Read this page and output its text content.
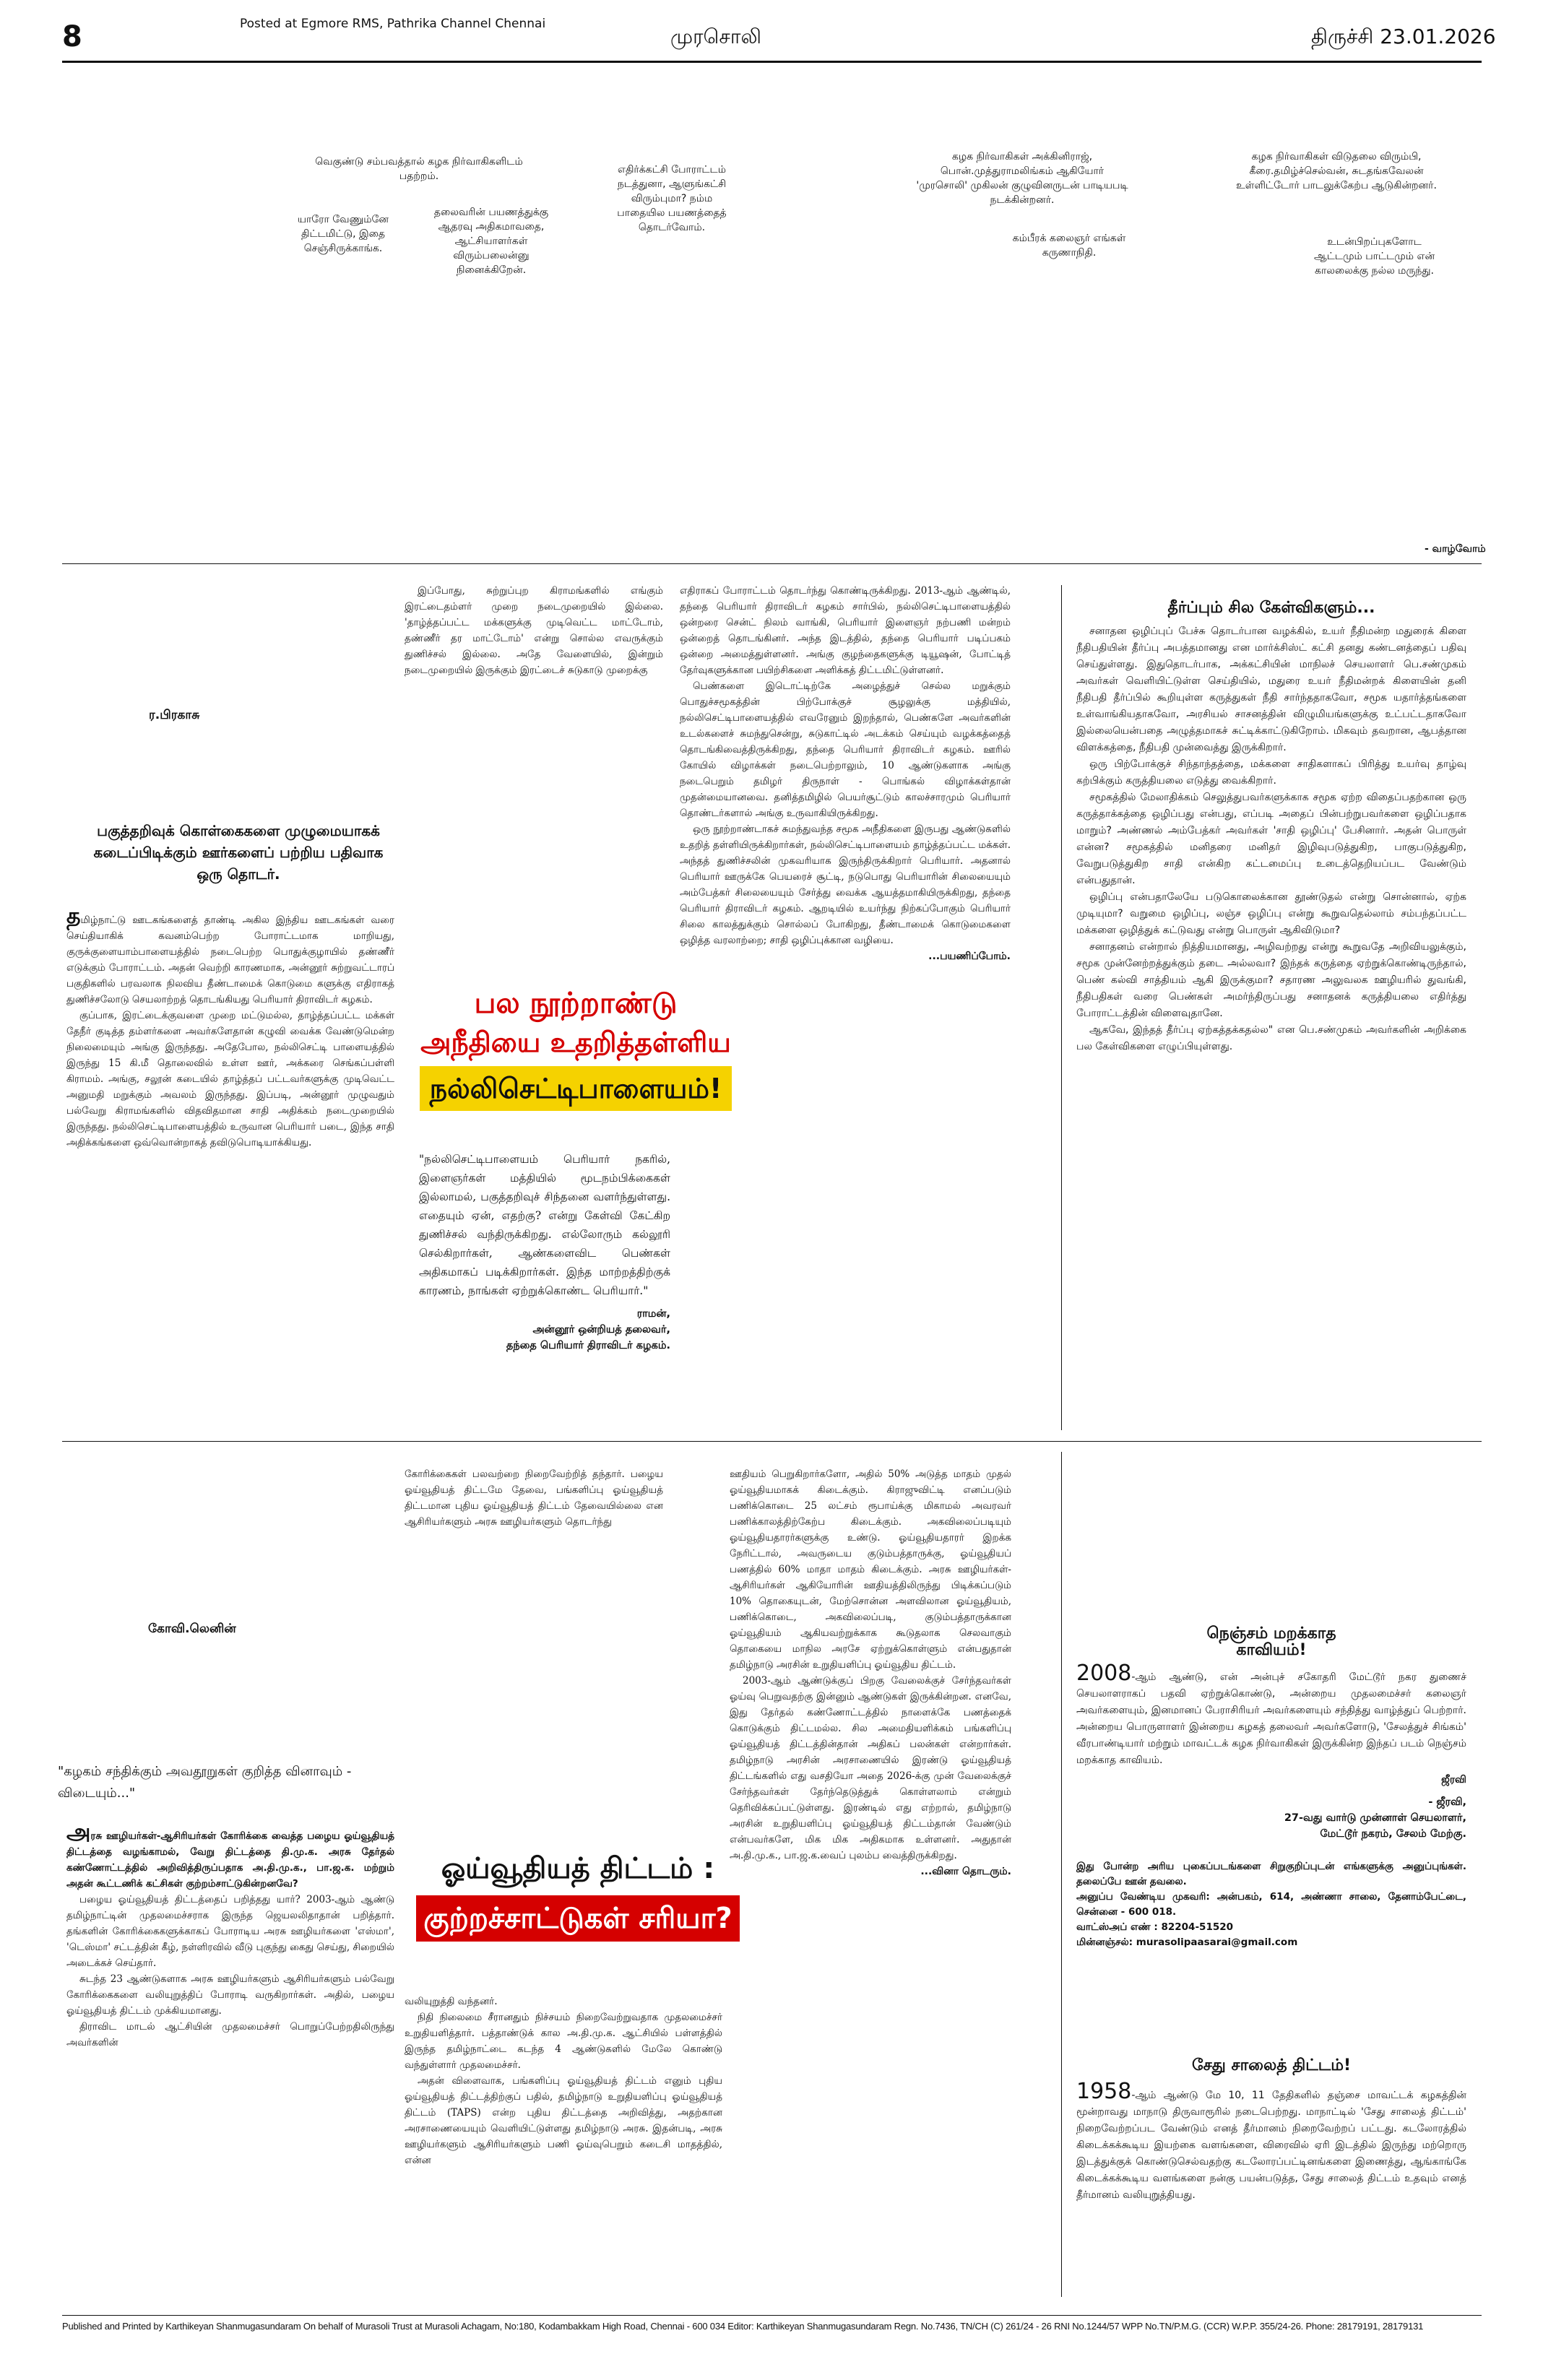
8	Posted at Egmore RMS, Pathrika Channel Chennai
முரசொலி	திருச்சி 23.01.2026
வெகுண்டு சம்பவத்தால் கழக நிர்வாகிகளிடம் பதற்றம்.
யாரோ வேணும்னே திட்டமிட்டு, இதை செஞ்சிருக்காங்க.
தலைவரின் பயணத்துக்கு ஆதரவு அதிகமாவதை, ஆட்சியாளர்கள் விரும்பலைன்னு நினைக்கிறேன்.
எதிர்க்கட்சி போராட்டம் நடத்துனா, ஆளுங்கட்சி விரும்புமா? நம்ம பாதையில பயணத்தைத் தொடர்வோம்.
கழக நிர்வாகிகள் அக்கினிராஜ், பொன்.முத்துராமலிங்கம் ஆகியோர் 'முரசொலி' முகிலன் குழுவினருடன் பாடியபடி நடக்கின்றனர்.
கம்பீரக் கலைஞர் எங்கள் கருணாநிதி.
கழக நிர்வாகிகள் விடுதலை விரும்பி, கீரை.தமிழ்ச்செல்வன், சுடதங்கவேலன் உள்ளிட்டோர் பாடலுக்கேற்ப ஆடுகின்றனர்.
உடன்பிறப்புகளோட ஆட்டமும் பாட்டமும் என் காலலைக்கு நல்ல மருந்து.
- வாழ்வோம்
ர.பிரகாசு
பகுத்தறிவுக் கொள்கைகளை முழுமையாகக் கடைப்பிடிக்கும் ஊர்களைப் பற்றிய பதிவாக ஒரு தொடர்.

தமிழ்நாட்டு ஊடகங்களைத் தாண்டி அகில இந்திய ஊடகங்கள் வரை செய்தியாகிக் கவனம்பெற்ற போராட்டமாக மாறியது, குருக்குளையாம்பாளையத்தில் நடைபெற்ற பொதுக்குழாயில் தண்ணீர் எடுக்கும் போராட்டம். அதன் வெற்றி காரணமாக, அன்னூர் சுற்றுவட்டாரப் பகுதிகளில் பரவலாக நிலவிய தீண்டாமைக் கொடுமை களுக்கு எதிராகத் துணிச்சலோடு செயலாற்றத் தொடங்கியது பெரியார் திராவிடர் கழகம்.

குப்பாக, இரட்டைக்குவளை முறை மட்டுமல்ல, தாழ்த்தப்பட்ட மக்கள் தேநீர் குடித்த தம்ளர்களை அவர்களேதான் கழுவி வைக்க வேண்டுமென்ற நிலைமையும் அங்கு இருந்தது. அதேபோல, நல்லிசெட்டி பாளையத்தில் இருந்து 15 கி.மீ தொலைவில் உள்ள ஊர், அக்கரை செங்கப்பள்ளி கிராமம். அங்கு, சலூன் கடையில் தாழ்த்தப் பட்டவர்களுக்கு முடிவெட்ட அனுமதி மறுக்கும் அவலம் இருந்தது. இப்படி, அன்னூர் முழுவதும் பல்வேறு கிராமங்களில் விதவிதமான சாதி அதிக்கம் நடைமுறையில் இருந்தது. நல்லிசெட்டிபாளையத்தில் உருவான பெரியார் படை, இந்த சாதி அதிக்கங்களை ஒவ்வொன்றாகத் தவிடுபொடியாக்கியது.

இப்போது, சுற்றுப்புற கிராமங்களில் எங்கும் இரட்டைதம்ளர் முறை நடைமுறையில் இல்லை. 'தாழ்த்தப்பட்ட மக்களுக்கு முடிவெட்ட மாட்டோம், தண்ணீர் தர மாட்டோம்' என்று சொல்ல எவருக்கும் துணிச்சல் இல்லை. அதே வேளையில், இன்றும் நடைமுறையில் இருக்கும் இரட்டைச் சுடுகாடு முறைக்கு

எதிராகப் போராட்டம் தொடர்ந்து கொண்டிருக்கிறது. 2013-ஆம் ஆண்டில், தந்தை பெரியார் திராவிடர் கழகம் சார்பில், நல்லிசெட்டிபாளையத்தில் ஒன்றரை சென்ட் நிலம் வாங்கி, பெரியார் இளைஞர் நற்பணி மன்றம் ஒன்றைத் தொடங்கினர். அந்த இடத்தில், தந்தை பெரியார் படிப்பகம் ஒன்றை அமைத்துள்ளனர். அங்கு குழந்தைகளுக்கு டியூஷன், போட்டித் தேர்வுகளுக்கான பயிற்சிகளை அளிக்கத் திட்டமிட்டுள்ளனர்.

பெண்களை இடொட்டிற்கே அழைத்துச் செல்ல மறுக்கும் பொதுச்சமூகத்தின் பிற்போக்குச் சூழலுக்கு மத்தியில், நல்லிசெட்டிபாளையத்தில் எவரேனும் இறந்தால், பெண்களே அவர்களின் உடல்களைச் சுமந்துசென்று, சுடுகாட்டில் அடக்கம் செய்யும் வழக்கத்தைத் தொடங்கிவைத்திருக்கிறது, தந்தை பெரியார் திராவிடர் கழகம். ஊரில் கோயில் விழாக்கள் நடைபெற்றாலும், 10 ஆண்டுகளாக அங்கு நடைபெறும் தமிழர் திருநாள் - பொங்கல் விழாக்கள்தான் முதன்மையானவை. தனித்தமிழில் பெயர்சூட்டும் காலச்சாரமும் பெரியார் தொண்டர்களால் அங்கு உருவாகியிருக்கிறது.

ஒரு நூற்றாண்டாகச் சுமந்துவந்த சமூக அநீதிகளை இருபது ஆண்டுகளில் உதறித் தள்ளியிருக்கிறார்கள், நல்லிசெட்டிபாளையம் தாழ்த்தப்பட்ட மக்கள். அந்தத் துணிச்சலின் முகவரியாக இருந்திருக்கிறார் பெரியார். அதனால் பெரியார் ஊருக்கே பெயரைச் சூட்டி, நடுபொது பெரியாரின் சிலையையும் அம்பேத்கர் சிலையையும் சேர்த்து வைக்க ஆயத்தமாகியிருக்கிறது, தந்தை பெரியார் திராவிடர் கழகம். ஆறடியில் உயர்ந்து நிற்கப்போகும் பெரியார் சிலை காலத்துக்கும் சொல்லப் போகிறது, தீண்டாமைக் கொடுமைகளை ஒழித்த வரலாற்றை; சாதி ஒழிப்புக்கான வழியை.

...பயணிப்போம்.
பல நூற்றாண்டு
அநீதியை உதறித்தள்ளிய
நல்லிசெட்டிபாளையம்!
"நல்லிசெட்டிபாளையம் பெரியார் நகரில், இளைஞர்கள் மத்தியில் மூடநம்பிக்கைகள் இல்லாமல், பகுத்தறிவுச் சிந்தனை வளர்ந்துள்ளது. எதையும் ஏன், எதற்கு? என்று கேள்வி கேட்கிற துணிச்சல் வந்திருக்கிறது. எல்லோரும் கல்லூரி செல்கிறார்கள், ஆண்களைவிட பெண்கள் அதிகமாகப் படிக்கிறார்கள். இந்த மாற்றத்திற்குக் காரணம், நாங்கள் ஏற்றுக்கொண்ட பெரியார்."
ராமன்,
அன்னூர் ஒன்றியத் தலைவர்,
தந்தை பெரியார் திராவிடர் கழகம்.
தீர்ப்பும் சில கேள்விகளும்...

சனாதன ஒழிப்புப் பேச்சு தொடர்பான வழக்கில், உயர் நீதிமன்ற மதுரைக் கிளை நீதிபதியின் தீர்ப்பு அபத்தமானது என மார்க்சிஸ்ட் கட்சி தனது கண்டனத்தைப் பதிவு செய்துள்ளது. இதுதொடர்பாக, அக்கட்சியின் மாநிலச் செயலாளர் பெ.சண்முகம் அவர்கள் வெளியிட்டுள்ள செய்தியில், மதுரை உயர் நீதிமன்றக் கிளையின் தனி நீதிபதி தீர்ப்பில் கூறியுள்ள கருத்துகள் நீதி சார்ந்ததாகவோ, சமூக யதார்த்தங்களை உள்வாங்கியதாகவோ, அரசியல் சாசனத்தின் விழுமியங்களுக்கு உட்பட்டதாகவோ இல்லையென்பதை அழுத்தமாகச் சுட்டிக்காட்டுகிறோம். மிகவும் தவறான, ஆபத்தான விளக்கத்தை, நீதிபதி முன்வைத்து இருக்கிறார்.

ஒரு பிற்போக்குச் சிந்தாந்தத்தை, மக்களை சாதிகளாகப் பிரித்து உயர்வு தாழ்வு கற்பிக்கும் கருத்தியலை எடுத்து வைக்கிறார்.

சமூகத்தில் மேலாதிக்கம் செலுத்துபவர்களுக்காக சமூக ஏற்ற விதைப்பதற்கான ஒரு கருத்தாக்கத்தை ஒழிப்பது என்பது, எப்படி அதைப் பின்பற்றுபவர்களை ஒழிப்பதாக மாறும்? அண்ணல் அம்பேத்கர் அவர்கள் 'சாதி ஒழிப்பு' பேசினார். அதன் பொருள் என்ன? சமூகத்தில் மனிதரை மனிதர் இழிவுபடுத்துகிற, பாகுபடுத்துகிற, வேறுபடுத்துகிற சாதி என்கிற கட்டமைப்பு உடைத்தெறியப்பட வேண்டும் என்பதுதான்.

ஒழிப்பு என்பதாலேயே படுகொலைக்கான தூண்டுதல் என்று சொன்னால், ஏற்க முடியுமா? வறுமை ஒழிப்பு, லஞ்ச ஒழிப்பு என்று கூறுவதெல்லாம் சம்பந்தப்பட்ட மக்களை ஒழித்துக் கட்டுவது என்று பொருள் ஆகிவிடுமா?

சனாதனம் என்றால் நித்தியமானது, அழிவற்றது என்று கூறுவதே அறிவியலுக்கும், சமூக முன்னேற்றத்துக்கும் தடை அல்லவா? இந்தக் கருத்தை ஏற்றுக்கொண்டிருந்தால், பெண் கல்வி சாத்தியம் ஆகி இருக்குமா? சதாரண அலுவலக ஊழியரில் துவங்கி, நீதிபதிகள் வரை பெண்கள் அமர்ந்திருப்பது சனாதனக் கருத்தியலை எதிர்த்து போராட்டத்தின் விளைவுதானே.

ஆகவே, இந்தத் தீர்ப்பு ஏற்கத்தக்கதல்ல" என பெ.சண்முகம் அவர்களின் அறிக்கை பல கேள்விகளை எழுப்பியுள்ளது.

கோவி.லெனின்
"கழகம் சந்திக்கும் அவதூறுகள் குறித்த வினாவும் - விடையும்..."

அரசு ஊழியர்கள்-ஆசிரியர்கள் கோரிக்கை வைத்த பழைய ஓய்வூதியத் திட்டத்தை வழங்காமல், வேறு திட்டத்தை தி.மு.க. அரசு தேர்தல் கண்ணோட்டத்தில் அறிவித்திருப்பதாக அ.தி.மு.க., பா.ஜ.க. மற்றும் அதன் கூட்டணிக் கட்சிகள் குற்றம்சாட்டுகின்றனவே?

பழைய ஓய்வூதியத் திட்டத்தைப் பறித்தது யார்? 2003-ஆம் ஆண்டு தமிழ்நாட்டின் முதலமைச்சராக இருந்த ஜெயலலிதாதான் பறித்தார். தங்களின் கோரிக்கைகளுக்காகப் போராடிய அரசு ஊழியர்களை 'எஸ்மா', 'டெஸ்மா' சட்டத்தின் கீழ், நள்ளிரவில் வீடு புகுந்து கைது செய்து, சிறையில் அடைக்கச் செய்தார்.

சுடந்த 23 ஆண்டுகளாக அரசு ஊழியர்களும் ஆசிரியர்களும் பல்வேறு கோரிக்கைகளை வலியுறுத்திப் போராடி வருகிறார்கள். அதில், பழைய ஓய்வூதியத் திட்டம் முக்கியமானது.

திராவிட மாடல் ஆட்சியின் முதலமைச்சர் பொறுப்பேற்றதிலிருந்து அவர்களின்

கோரிக்கைகள் பலவற்றை நிறைவேற்றித் தந்தார். பழைய ஓய்வூதியத் திட்டமே தேவை, பங்களிப்பு ஓய்வூதியத் திட்டமான புதிய ஓய்வூதியத் திட்டம் தேவையில்லை என ஆசிரியர்களும் அரசு ஊழியர்களும் தொடர்ந்து

ஓய்வூதியத் திட்டம் :
குற்றச்சாட்டுகள் சரியா?

வலியுறுத்தி வந்தனர்.

நிதி நிலைமை சீரானதும் நிச்சயம் நிறைவேற்றுவதாக முதலமைச்சர் உறுதியளித்தார். பத்தாண்டுக் கால அ.தி.மு.க. ஆட்சியில் பள்ளத்தில் இருந்த தமிழ்நாட்டை கடந்த 4 ஆண்டுகளில் மேலே கொண்டு வந்துள்ளார் முதலமைச்சர்.

அதன் விளைவாக, பங்களிப்பு ஓய்வூதியத் திட்டம் எனும் புதிய ஓய்வூதியத் திட்டத்திற்குப் பதில், தமிழ்நாடு உறுதியளிப்பு ஓய்வூதியத் திட்டம் (TAPS) என்ற புதிய திட்டத்தை அறிவித்து, அதற்கான அரசாணையையும் வெளியிட்டுள்ளது தமிழ்நாடு அரசு. இதன்படி, அரசு ஊழியர்களும் ஆசிரியர்களும் பணி ஓய்வுபெறும் கடைசி மாதத்தில், என்ன

ஊதியம் பெறுகிறார்களோ, அதில் 50% அடுத்த மாதம் முதல் ஓய்வூதியமாகக் கிடைக்கும். கிராஜுவிட்டி எனப்படும் பணிக்கொடை 25 லட்சம் ரூபாய்க்கு மிகாமல் அவரவர் பணிக்காலத்திற்கேற்ப கிடைக்கும். அகவிலைப்படியும் ஓய்வூதியதாரர்களுக்கு உண்டு. ஓய்வூதியதாரர் இறக்க நேரிட்டால், அவருடைய குடும்பத்தாருக்கு, ஓய்வூதியப் பணத்தில் 60% மாதா மாதம் கிடைக்கும். அரசு ஊழியர்கள்-ஆசிரியர்கள் ஆகியோரின் ஊதியத்திலிருந்து பிடிக்கப்படும் 10% தொகையுடன், மேற்சொன்ன அளவிலான ஓய்வூதியம், பணிக்கொடை, அகவிலைப்படி, குடும்பத்தாருக்கான ஓய்வூதியம் ஆகியவற்றுக்காக கூடுதலாக செலவாகும் தொகையை மாநில அரசே ஏற்றுக்கொள்ளும் என்பதுதான் தமிழ்நாடு அரசின் உறுதியளிப்பு ஓய்வூதிய திட்டம்.

2003-ஆம் ஆண்டுக்குப் பிறகு வேலைக்குச் சேர்ந்தவர்கள் ஓய்வு பெறுவதற்கு இன்னும் ஆண்டுகள் இருக்கின்றன. எனவே, இது தேர்தல் கண்ணோட்டத்தில் நாளைக்கே பணத்தைக் கொடுக்கும் திட்டமல்ல. சில அமைதியளிக்கம் பங்களிப்பு ஓய்வூதியத் திட்டத்தின்தான் அதிகப் பலன்கள் என்றார்கள். தமிழ்நாடு அரசின் அரசாணையில் இரண்டு ஓய்வூதியத் திட்டங்களில் எது வசதியோ அதை 2026-க்கு முன் வேலைக்குச் சேர்ந்தவர்கள் தேர்ந்தெடுத்துக் கொள்ளலாம் என்றும் தெரிவிக்கப்பட்டுள்ளது. இரண்டில் எது எற்றால், தமிழ்நாடு அரசின் உறுதியளிப்பு ஓய்வூதியத் திட்டம்தான் வேண்டும் என்பவர்களே, மிக மிக அதிகமாக உள்ளனர். அதுதான் அ.தி.மு.க., பா.ஜ.க.வைப் புலம்ப வைத்திருக்கிறது.

...வினா தொடரும்.
நெஞ்சம் மறக்காத
காவியம்!

2008-ஆம் ஆண்டு, என் அன்புச் சகோதரி மேட்டூர் நகர துணைச் செயலாளராகப் பதவி ஏற்றுக்கொண்டு, அன்றைய முதலமைச்சர் கலைஞர் அவர்களையும், இனமானப் பேராசிரியர் அவர்களையும் சந்தித்து வாழ்த்துப் பெற்றார். அன்றைய பொருளாளர் இன்றைய கழகத் தலைவர் அவர்களோடு, 'சேலத்துச் சிங்கம்' வீரபாண்டியார் மற்றும் மாவட்டக் கழக நிர்வாகிகள் இருக்கின்ற இந்தப் படம் நெஞ்சம் மறக்காத காவியம்.

ஜீரவி
- ஜீரவி,
27-வது வார்டு முன்னாள் செயலாளர்,
மேட்டூர் நகரம், சேலம் மேற்கு.
இது போன்ற அரிய புகைப்படங்களை சிறுகுறிப்புடன் எங்களுக்கு அனுப்புங்கள். தலைப்பே ஊன் தவலை.
அனுப்ப வேண்டிய முகவரி: அன்பகம், 614, அண்ணா சாலை, தேனாம்பேட்டை, சென்னை - 600 018.
வாட்ஸ்அப் எண் : 82204-51520
மின்னஞ்சல்: murasolipaasarai@gmail.com
சேது சாலைத் திட்டம்!

1958-ஆம் ஆண்டு மே 10, 11 தேதிகளில் தஞ்சை மாவட்டக் கழகத்தின் மூன்றாவது மாநாடு திருவாரூரில் நடைபெற்றது. மாநாட்டில் 'சேது சாலைத் திட்டம்' நிறைவேற்றப்பட வேண்டும் எனத் தீர்மானம் நிறைவேற்றப் பட்டது. கடலோரத்தில் கிடைக்கக்கூடிய இயற்கை வளங்களை, விரைவில் ஏரி இடத்தில் இருந்து மற்றொரு இடத்துக்குக் கொண்டுசெல்வதற்கு கடலோரப்பட்டினங்களை இணைத்து, ஆங்காங்கே கிடைக்கக்கூடிய வளங்களை நன்கு பயன்படுத்த, சேது சாலைத் திட்டம் உதவும் எனத் தீர்மானம் வலியுறுத்தியது.

Published and Printed by Karthikeyan Shanmugasundaram On behalf of Murasoli Trust at Murasoli Achagam, No:180, Kodambakkam High Road, Chennai - 600 034 Editor: Karthikeyan Shanmugasundaram Regn. No.7436, TN/CH (C) 261/24 - 26 RNI No.1244/57 WPP No.TN/P.M.G. (CCR) W.P.P. 355/24-26. Phone: 28179191, 28179131
